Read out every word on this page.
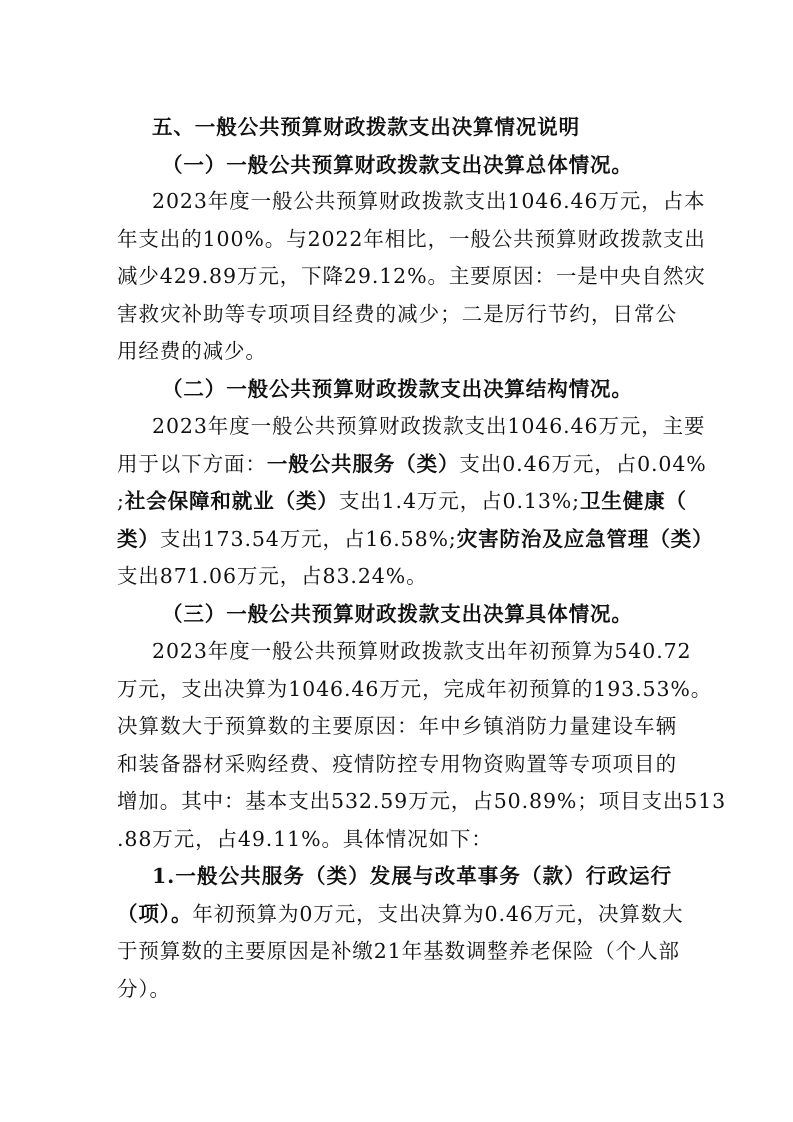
五、一般公共预算财政拨款支出决算情况说明
（一）一般公共预算财政拨款支出决算总体情况。
2023年度一般公共预算财政拨款支出1046.46万元，占本
年支出的100%。与2022年相比，一般公共预算财政拨款支出
减少429.89万元，下降29.12%。主要原因：一是中央自然灾
害救灾补助等专项项目经费的减少；二是厉行节约，日常公
用经费的减少。
（二）一般公共预算财政拨款支出决算结构情况。
2023年度一般公共预算财政拨款支出1046.46万元，主要
用于以下方面：一般公共服务（类）支出0.46万元，占0.04%
;社会保障和就业（类）支出1.4万元，占0.13%;卫生健康（
类）支出173.54万元，占16.58%;灾害防治及应急管理（类）
支出871.06万元，占83.24%。
（三）一般公共预算财政拨款支出决算具体情况。
2023年度一般公共预算财政拨款支出年初预算为540.72
万元，支出决算为1046.46万元，完成年初预算的193.53%。
决算数大于预算数的主要原因：年中乡镇消防力量建设车辆
和装备器材采购经费、疫情防控专用物资购置等专项项目的
增加。其中：基本支出532.59万元，占50.89%；项目支出513
.88万元，占49.11%。具体情况如下：
1.一般公共服务（类）发展与改革事务（款）行政运行
（项）。年初预算为0万元，支出决算为0.46万元，决算数大
于预算数的主要原因是补缴21年基数调整养老保险（个人部
分）。
